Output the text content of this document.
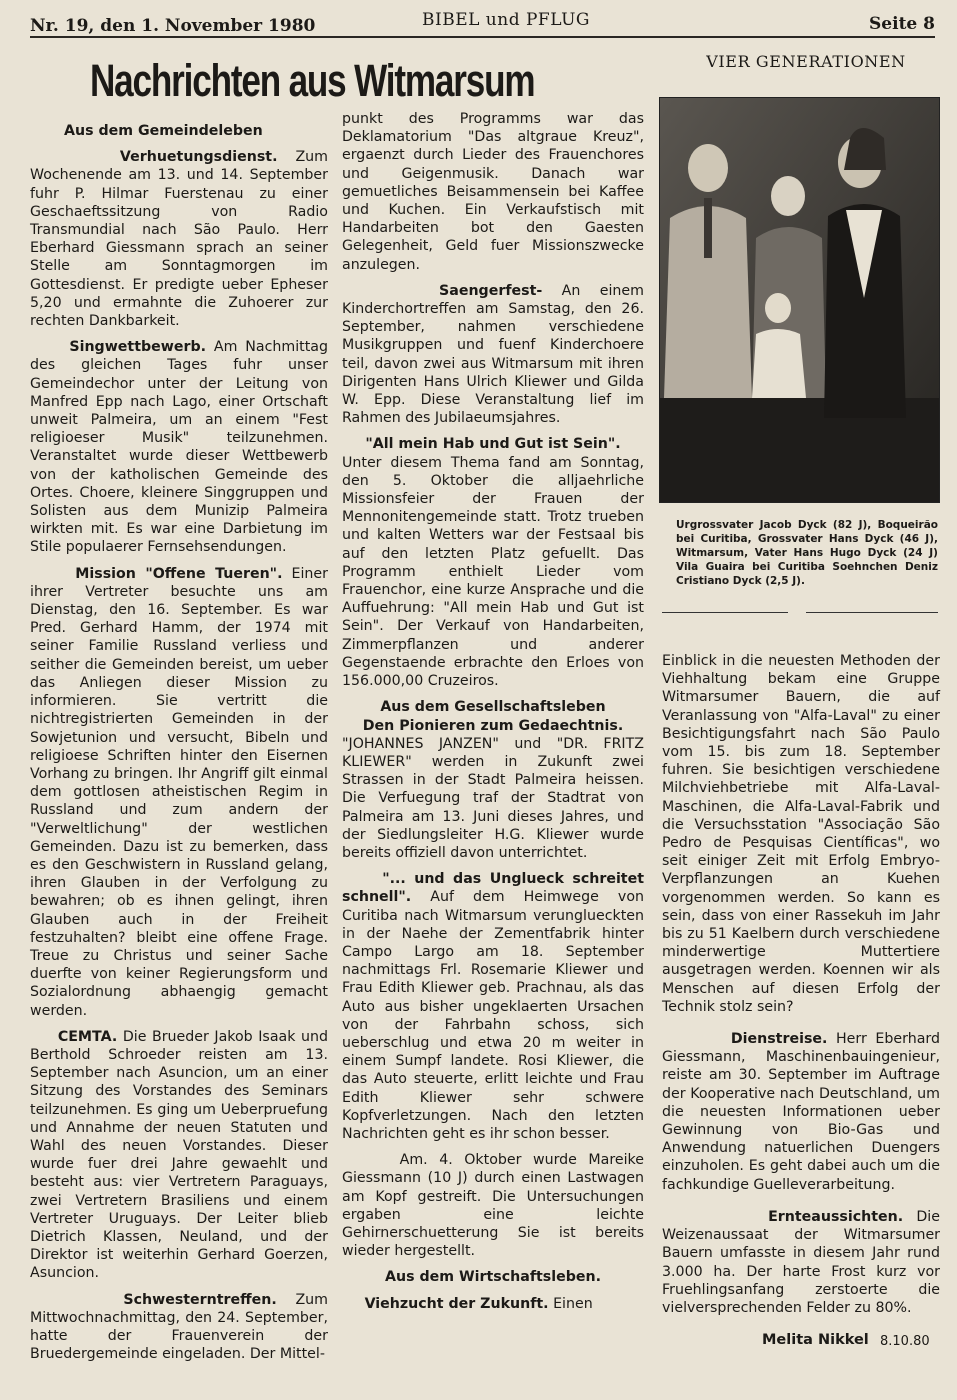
Nr. 19, den 1. November 1980	BIBEL und PFLUG	Seite 8
Nachrichten aus Witmarsum

Aus dem Gemeindeleben

Verhuetungsdienst. Zum Wochenende am 13. und 14. September fuhr P. Hilmar Fuerstenau zu einer Geschaeftssitzung von Radio Transmundial nach São Paulo. Herr Eberhard Giessmann sprach an seiner Stelle am Sonntagmorgen im Gottesdienst. Er predigte ueber Epheser 5,20 und ermahnte die Zuhoerer zur rechten Dankbarkeit.

Singwettbewerb. Am Nachmittag des gleichen Tages fuhr unser Gemeindechor unter der Leitung von Manfred Epp nach Lago, einer Ortschaft unweit Palmeira, um an einem "Fest religioeser Musik" teilzunehmen. Veranstaltet wurde dieser Wettbewerb von der katholischen Gemeinde des Ortes. Choere, kleinere Singgruppen und Solisten aus dem Munizip Palmeira wirkten mit. Es war eine Darbietung im Stile populaerer Fernsehsendungen.

Mission "Offene Tueren". Einer ihrer Vertreter besuchte uns am Dienstag, den 16. September. Es war Pred. Gerhard Hamm, der 1974 mit seiner Familie Russland verliess und seither die Gemeinden bereist, um ueber das Anliegen dieser Mission zu informieren. Sie vertritt die nichtregistrierten Gemeinden in der Sowjetunion und versucht, Bibeln und religioese Schriften hinter den Eisernen Vorhang zu bringen. Ihr Angriff gilt einmal dem gottlosen atheistischen Regim in Russland und zum andern der "Verweltlichung" der westlichen Gemeinden. Dazu ist zu bemerken, dass es den Geschwistern in Russland gelang, ihren Glauben in der Verfolgung zu bewahren; ob es ihnen gelingt, ihren Glauben auch in der Freiheit festzuhalten? bleibt eine offene Frage. Treue zu Christus und seiner Sache duerfte von keiner Regierungsform und Sozialordnung abhaengig gemacht werden.

CEMTA. Die Brueder Jakob Isaak und Berthold Schroeder reisten am 13. September nach Asuncion, um an einer Sitzung des Vorstandes des Seminars teilzunehmen. Es ging um Ueberpruefung und Annahme der neuen Statuten und Wahl des neuen Vorstandes. Dieser wurde fuer drei Jahre gewaehlt und besteht aus: vier Vertretern Paraguays, zwei Vertretern Brasiliens und einem Vertreter Uruguays. Der Leiter blieb Dietrich Klassen, Neuland, und der Direktor ist weiterhin Gerhard Goerzen, Asuncion.

Schwesterntreffen. Zum Mittwochnachmittag, den 24. September, hatte der Frauenverein der Bruedergemeinde eingeladen. Der Mittel-

punkt des Programms war das Deklamatorium "Das altgraue Kreuz", ergaenzt durch Lieder des Frauenchores und Geigenmusik. Danach war gemuetliches Beisammensein bei Kaffee und Kuchen. Ein Verkaufstisch mit Handarbeiten bot den Gaesten Gelegenheit, Geld fuer Missionszwecke anzulegen.

Saengerfest- An einem Kinderchortreffen am Samstag, den 26. September, nahmen verschiedene Musikgruppen und fuenf Kinderchoere teil, davon zwei aus Witmarsum mit ihren Dirigenten Hans Ulrich Kliewer und Gilda W. Epp. Diese Veranstaltung lief im Rahmen des Jubilaeumsjahres.

"All mein Hab und Gut ist Sein".

Unter diesem Thema fand am Sonntag, den 5. Oktober die alljaehrliche Missionsfeier der Frauen der Mennonitengemeinde statt. Trotz trueben und kalten Wetters war der Festsaal bis auf den letzten Platz gefuellt. Das Programm enthielt Lieder vom Frauenchor, eine kurze Ansprache und die Auffuehrung: "All mein Hab und Gut ist Sein". Der Verkauf von Handarbeiten, Zimmerpflanzen und anderer Gegenstaende erbrachte den Erloes von 156.000,00 Cruzeiros.

Aus dem Gesellschaftsleben

Den Pionieren zum Gedaechtnis.

"JOHANNES JANZEN" und "DR. FRITZ KLIEWER" werden in Zukunft zwei Strassen in der Stadt Palmeira heissen. Die Verfuegung traf der Stadtrat von Palmeira am 13. Juni dieses Jahres, und der Siedlungsleiter H.G. Kliewer wurde bereits offiziell davon unterrichtet.

"... und das Unglueck schreitet schnell". Auf dem Heimwege von Curitiba nach Witmarsum verunglueckten in der Naehe der Zementfabrik hinter Campo Largo am 18. September nachmittags Frl. Rosemarie Kliewer und Frau Edith Kliewer geb. Prachnau, als das Auto aus bisher ungeklaerten Ursachen von der Fahrbahn schoss, sich ueberschlug und etwa 20 m weiter in einem Sumpf landete. Rosi Kliewer, die das Auto steuerte, erlitt leichte und Frau Edith Kliewer sehr schwere Kopfverletzungen. Nach den letzten Nachrichten geht es ihr schon besser.

Am. 4. Oktober wurde Mareike Giessmann (10 J) durch einen Lastwagen am Kopf gestreift. Die Untersuchungen ergaben eine leichte Gehirnerschuetterung Sie ist bereits wieder hergestellt.

Aus dem Wirtschaftsleben.

Viehzucht der Zukunft. Einen

VIER GENERATIONEN
Urgrossvater Jacob Dyck (82 J), Boqueirão bei Curitiba, Grossvater Hans Dyck (46 J), Witmarsum, Vater Hans Hugo Dyck (24 J) Vila Guaira bei Curitiba Soehnchen Deniz Cristiano Dyck (2,5 J).

Einblick in die neuesten Methoden der Viehhaltung bekam eine Gruppe Witmarsumer Bauern, die auf Veranlassung von "Alfa-Laval" zu einer Besichtigungsfahrt nach São Paulo vom 15. bis zum 18. September fuhren. Sie besichtigen verschiedene Milchviehbetriebe mit Alfa-Laval-Maschinen, die Alfa-Laval-Fabrik und die Versuchsstation "Associação São Pedro de Pesquisas Científicas", wo seit einiger Zeit mit Erfolg Embryo-Verpflanzungen an Kuehen vorgenommen werden. So kann es sein, dass von einer Rassekuh im Jahr bis zu 51 Kaelbern durch verschiedene minderwertige Muttertiere ausgetragen werden. Koennen wir als Menschen auf diesen Erfolg der Technik stolz sein?

Dienstreise. Herr Eberhard Giessmann, Maschinenbauingenieur, reiste am 30. September im Auftrage der Kooperative nach Deutschland, um die neuesten Informationen ueber Gewinnung von Bio-Gas und Anwendung natuerlichen Duengers einzuholen. Es geht dabei auch um die fachkundige Guelleverarbeitung.

Ernteaussichten. Die Weizenaussaat der Witmarsumer Bauern umfasste in diesem Jahr rund 3.000 ha. Der harte Frost kurz vor Fruehlingsanfang zerstoerte die vielversprechenden Felder zu 80%.

Melita Nikkel 8.10.80
